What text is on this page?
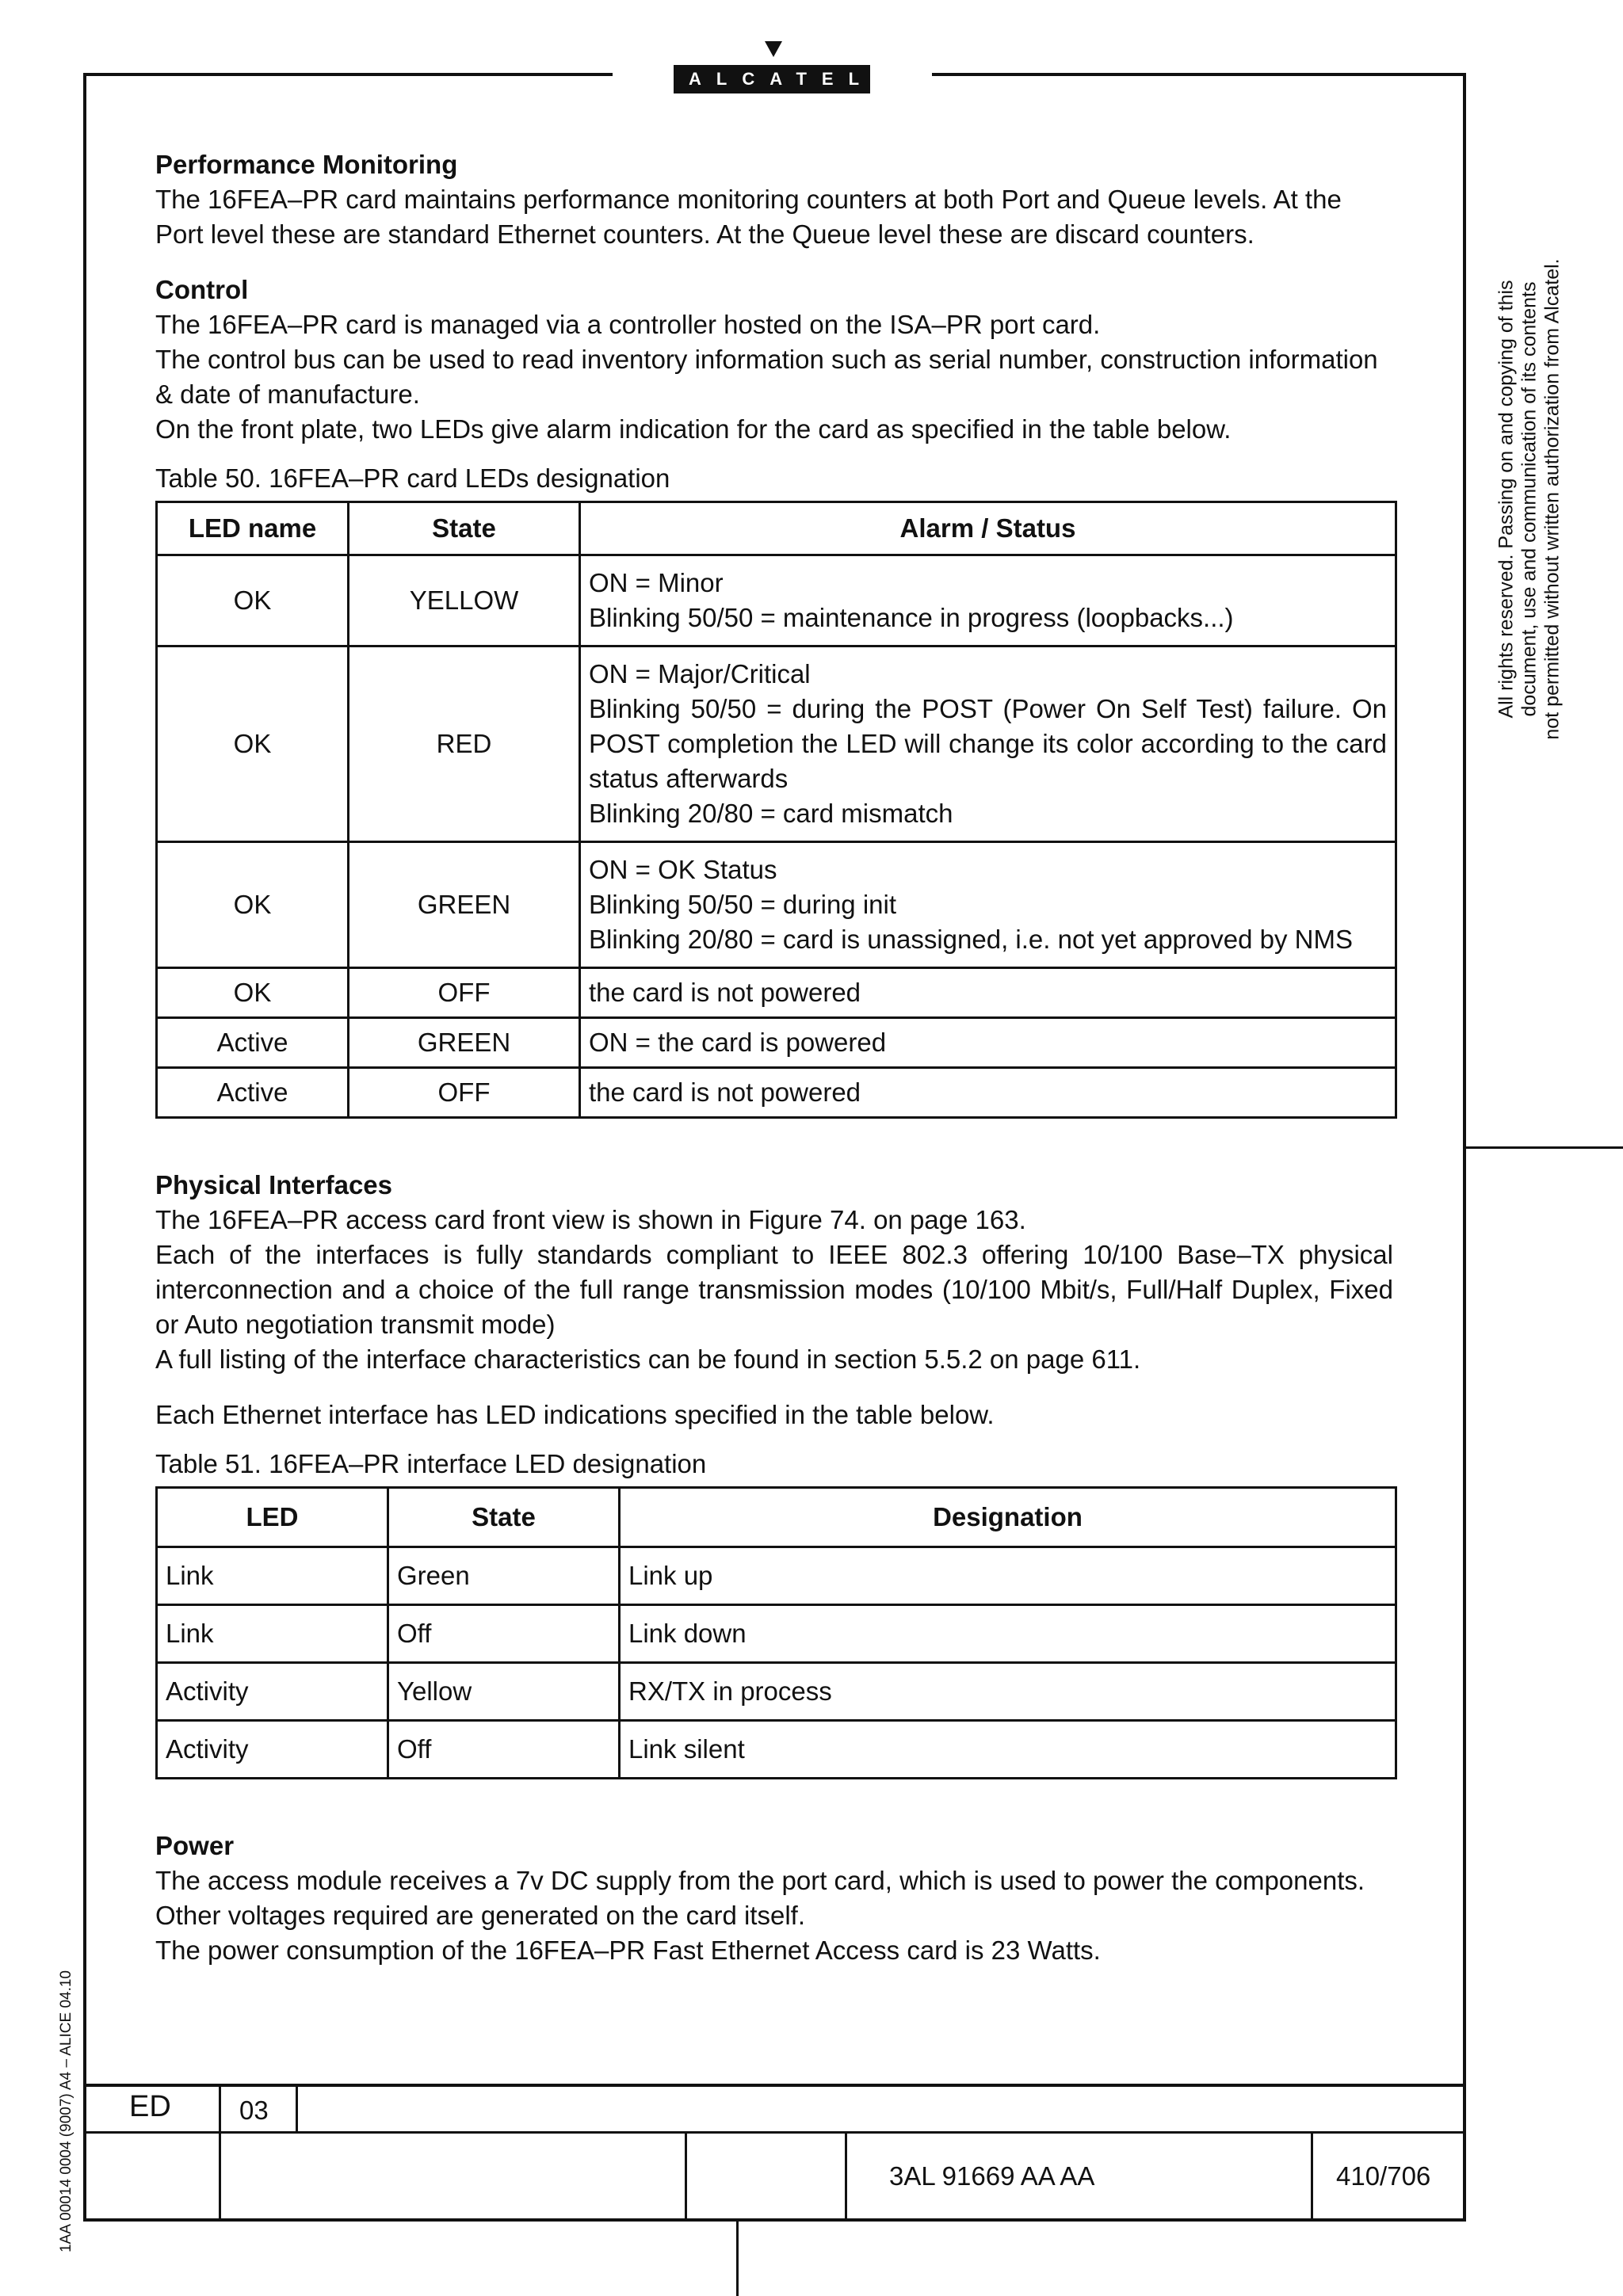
ALCATEL
Performance Monitoring

The 16FEA–PR card maintains performance monitoring counters at both Port and Queue levels. At the Port level these are standard Ethernet counters. At the Queue level these are discard counters.

Control

The 16FEA–PR card is managed via a controller hosted on the ISA–PR port card.

The control bus can be used to read inventory information such as serial number, construction information & date of manufacture.

On the front plate, two LEDs give alarm indication for the card as specified in the table below.

Table 50. 16FEA–PR card LEDs designation
LED name	State	Alarm / Status
OK	YELLOW	ON = Minor
Blinking 50/50 = maintenance in progress (loopbacks...)

OK	RED	ON = Major/Critical
Blinking 50/50 = during the POST (Power On Self Test) failure. On POST completion the LED will change its color according to the card status afterwards
Blinking 20/80 = card mismatch

OK	GREEN	ON = OK Status
Blinking 50/50 = during init
Blinking 20/80 = card is unassigned, i.e. not yet approved by NMS

OK	OFF	the card is not powered
Active	GREEN	ON = the card is powered
Active	OFF	the card is not powered
Physical Interfaces

The 16FEA–PR access card front view is shown in Figure 74. on page 163.

Each of the interfaces is fully standards compliant to IEEE 802.3 offering 10/100 Base–TX physical interconnection and a choice of the full range transmission modes (10/100 Mbit/s, Full/Half Duplex, Fixed or Auto negotiation transmit mode)

A full listing of the interface characteristics can be found in section 5.5.2 on page 611.

Each Ethernet interface has LED indications specified in the table below.

Table 51. 16FEA–PR interface LED designation
LED	State	Designation
Link	Green	Link up
Link	Off	Link down
Activity	Yellow	RX/TX in process
Activity	Off	Link silent
Power

The access module receives a 7v DC supply from the port card, which is used to power the components.

Other voltages required are generated on the card itself.

The power consumption of the 16FEA–PR Fast Ethernet Access card is 23 Watts.

All rights reserved. Passing on and copying of this document, use and communication of its contents not permitted without written authorization from Alcatel.
1AA 00014 0004 (9007) A4 – ALICE 04.10 ED	03
3AL 91669 AA AA	410/706
